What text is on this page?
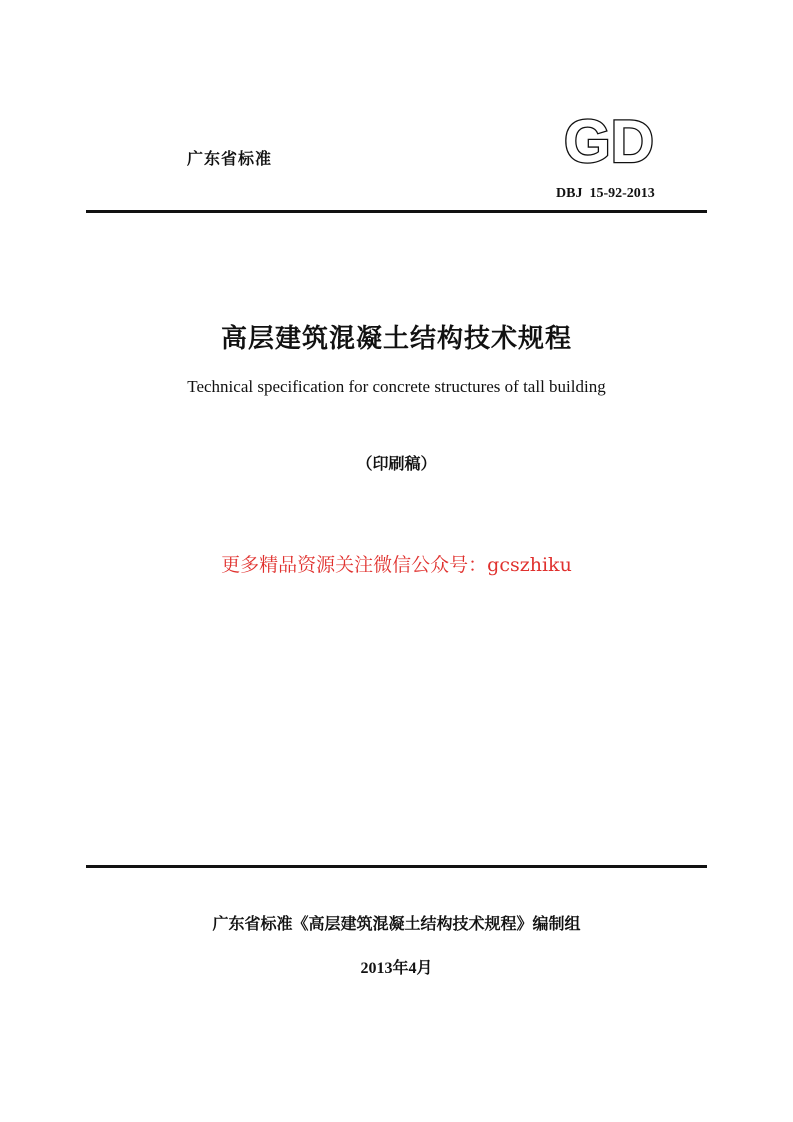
广东省标准	GD
DBJ  15-92-2013
高层建筑混凝土结构技术规程
Technical specification for concrete structures of tall building
（印刷稿）
更多精品资源关注微信公众号：gcszhiku
广东省标准《高层建筑混凝土结构技术规程》编制组
2013年4月
